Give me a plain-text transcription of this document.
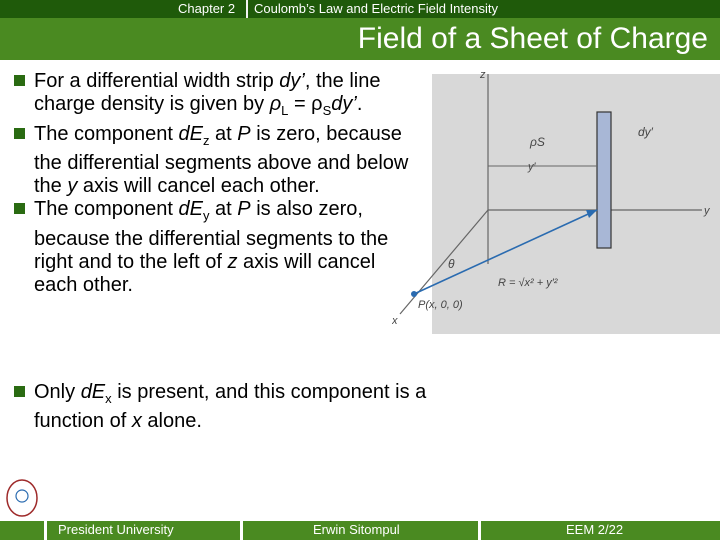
Chapter 2 Coulomb’s Law and Electric Field Intensity
Field of a Sheet of Charge
For a differential width strip dy’, the line charge density is given by $\rho_L = \rho_Sdy$’.
The component $dE_z$ at P is zero, because the differential segments above and below the y axis will cancel each other.
The component $dE_y$ at P is also zero, because the differential segments to the right and to the left of z axis will cancel each other.
Only $dE_x$ is present, and this component is a function of x alone.
z
y
x
ρS
dy′
y′
θ
R = √x² + y′²
P(x, 0, 0)
President University	Erwin Sitompul	EEM 2/22
